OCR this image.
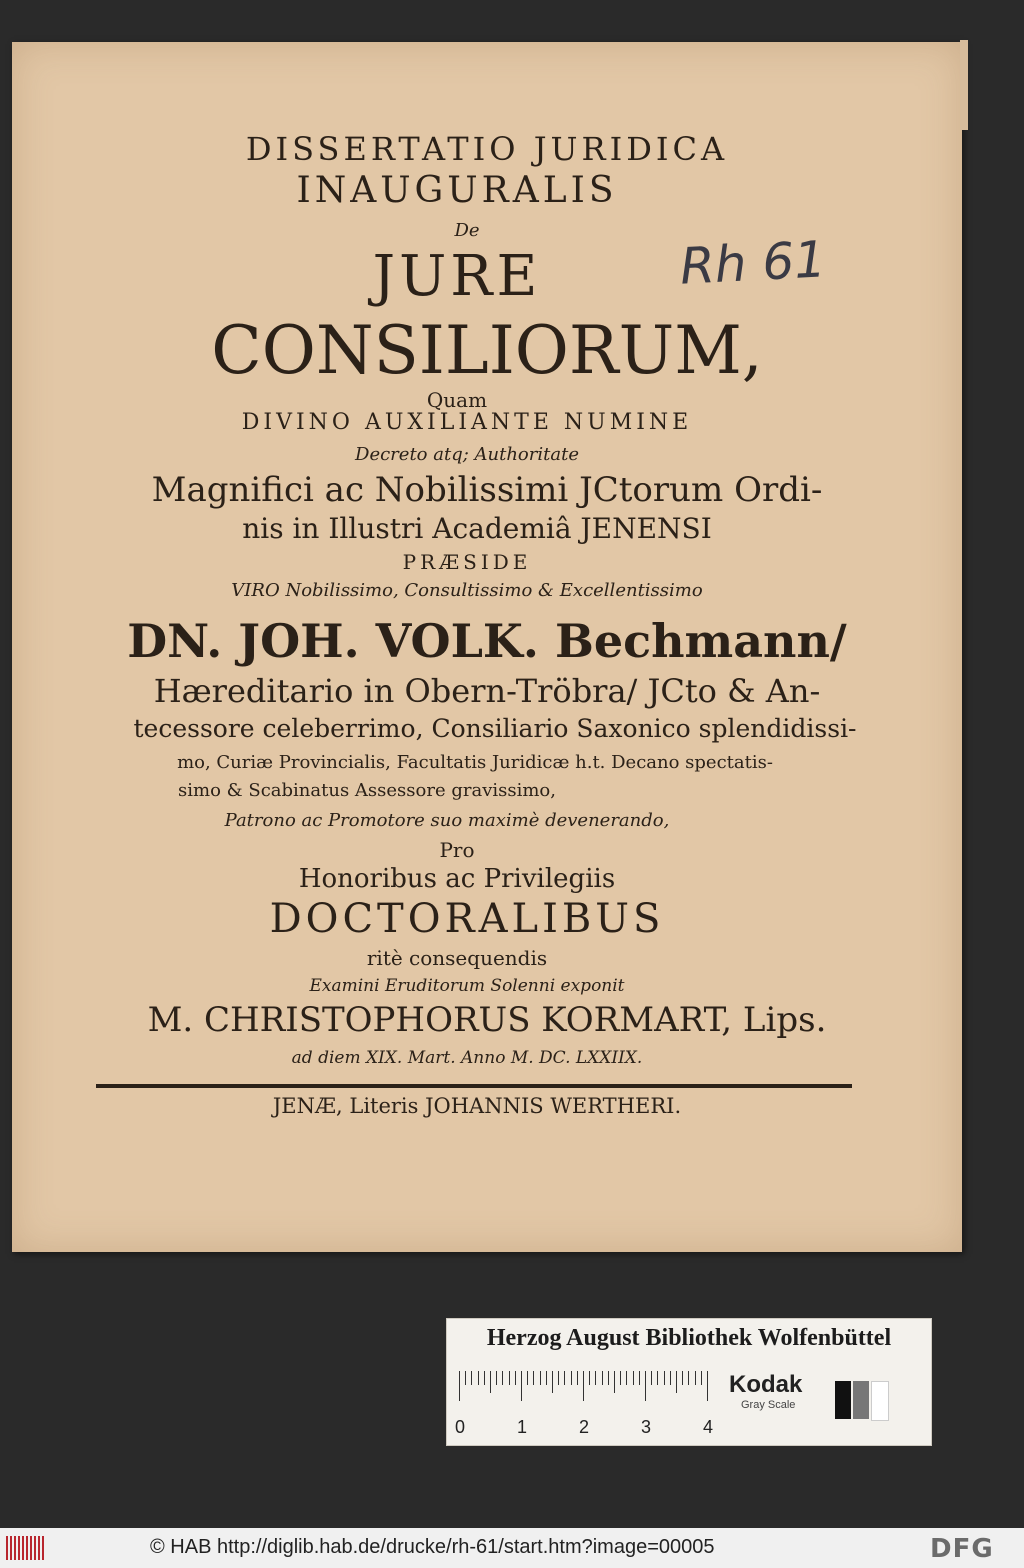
DISSERTATIO JURIDICA
INAUGURALIS
De
JURE
CONSILIORUM,
Quam
DIVINO AUXILIANTE NUMINE
Decreto atq; Authoritate
Magnifici ac Nobilissimi JCtorum Ordi-
nis in Illustri Academiâ JENENSI
PRÆSIDE
VIRO Nobilissimo, Consultissimo & Excellentissimo
DN. JOH. VOLK. Bechmann/
Hæreditario in Obern-Tröbra/ JCto & An-
tecessore celeberrimo, Consiliario Saxonico splendidissi-
mo, Curiæ Provincialis, Facultatis Juridicæ h.t. Decano spectatis-
simo & Scabinatus Assessore gravissimo,
Patrono ac Promotore suo maximè devenerando,
Pro
Honoribus ac Privilegiis
DOCTORALIBUS
ritè consequendis
Examini Eruditorum Solenni exponit
M. CHRISTOPHORUS KORMART, Lips.
ad diem XIX. Mart. Anno M. DC. LXXIIX.
JENÆ, Literis JOHANNIS WERTHERI.
Rh 61
Herzog August Bibliothek Wolfenbüttel
0	1	2	3	4
Kodak
Gray Scale
© HAB http://diglib.hab.de/drucke/rh-61/start.htm?image=00005	DFG
